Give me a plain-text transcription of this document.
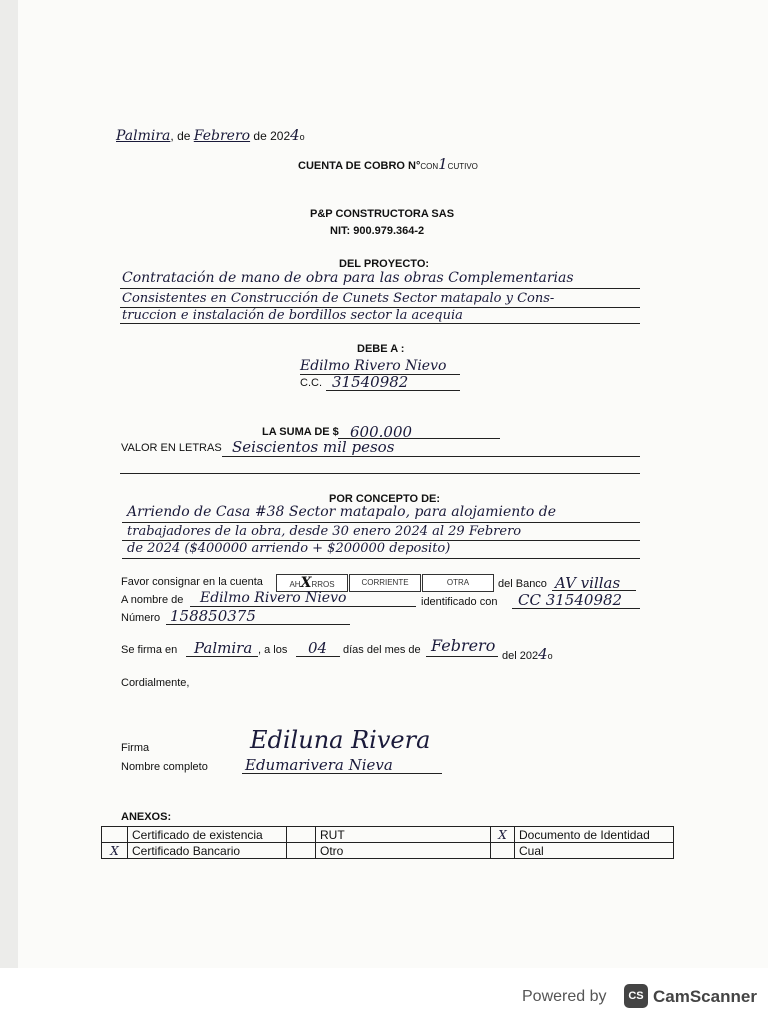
Palmira, de Febrero de 2024o
CUENTA DE COBRO N°CON1CUTIVO
P&P CONSTRUCTORA SAS
NIT: 900.979.364-2
DEL PROYECTO:
Contratación de mano de obra para las obras Complementarias
Consistentes en Construcción de Cunets Sector matapalo y Cons-
truccion e instalación de bordillos sector la acequia
DEBE A :
Edilmo Rivero Nievo
C.C. 31540982
LA SUMA DE $ 600.000
VALOR EN LETRAS Seiscientos mil pesos
POR CONCEPTO DE:
Arriendo de Casa #38 Sector matapalo, para alojamiento de
trabajadores de la obra, desde 30 enero 2024 al 29 Febrero
de 2024 ($400000 arriendo + $200000 deposito)
Favor consignar en la cuenta	AHXRROS	CORRIENTE	OTRA	del Banco AV villas
A nombre de Edilmo Rivero Nievo	identificado con CC 31540982
Número 158850375
Se firma en Palmira , a los 04 días del mes de Febrero
del 2024o
Cordialmente,
Firma	Ediluna Rivera
Nombre completo Edumarivera Nieva
ANEXOS:
	Certificado de existencia		RUT	X	Documento de Identidad
X	Certificado Bancario		Otro		Cual
Powered by	CS CamScanner
